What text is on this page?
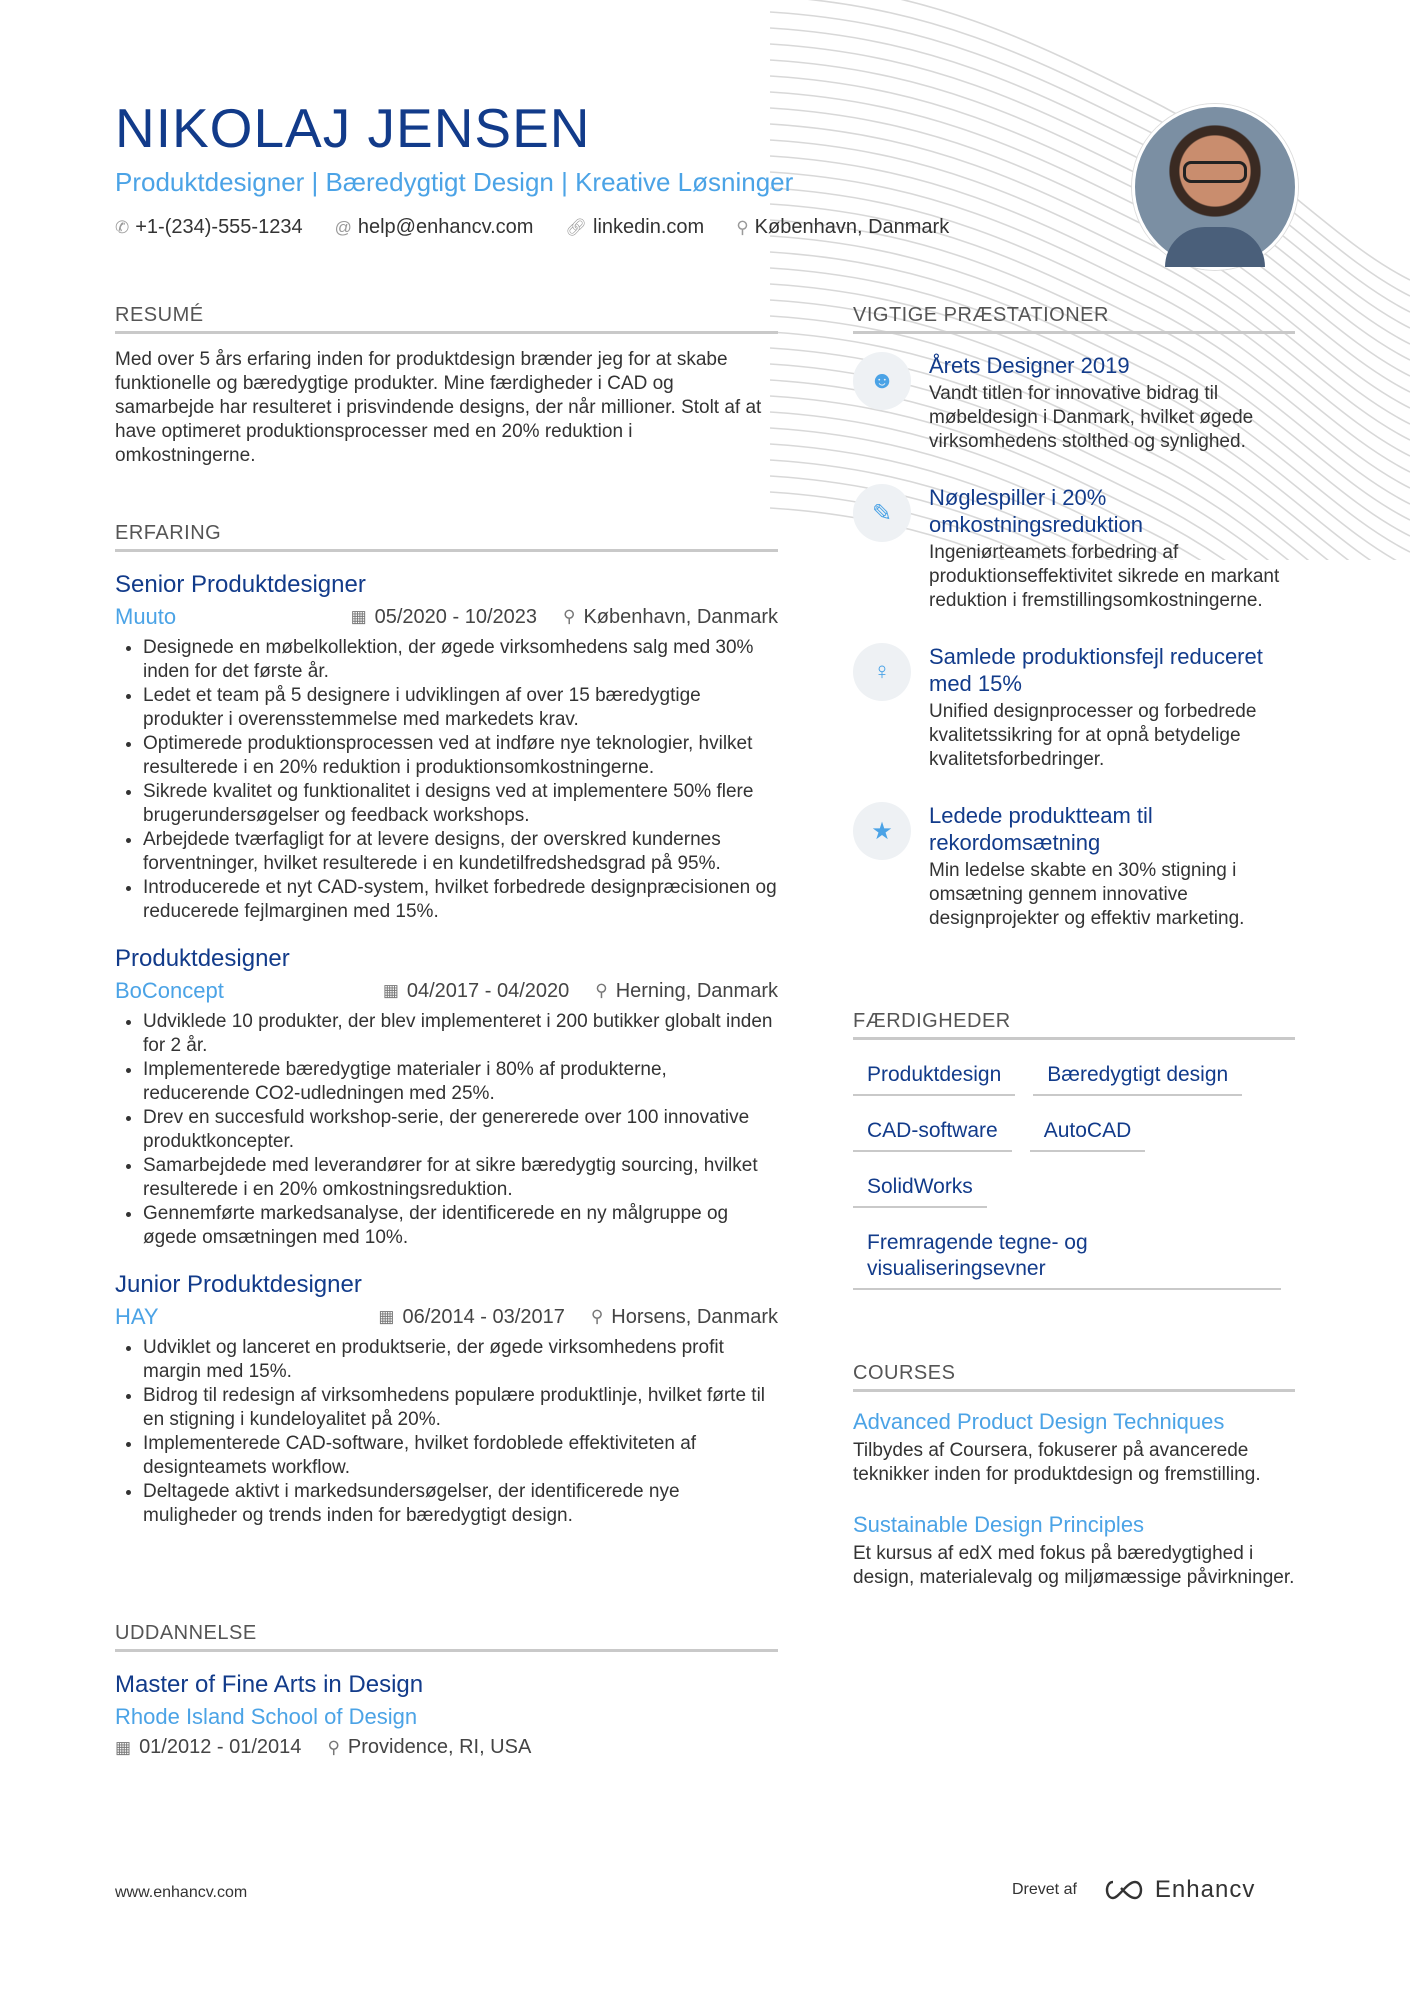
NIKOLAJ JENSEN
Produktdesigner | Bæredygtigt Design | Kreative Løsninger
✆ +1-(234)-555-1234 @ help@enhancv.com 🔗︎ linkedin.com ⚲ København, Danmark
RESUMÉ
Med over 5 års erfaring inden for produktdesign brænder jeg for at skabe funktionelle og bæredygtige produkter. Mine færdigheder i CAD og samarbejde har resulteret i prisvindende designs, der når millioner. Stolt af at have optimeret produktionsprocesser med en 20% reduktion i omkostningerne.
ERFARING
Senior Produktdesigner
Muuto	▦ 05/2020 - 10/2023 ⚲ København, Danmark
• Designede en møbelkollektion, der øgede virksomhedens salg med 30% inden for det første år.
• Ledet et team på 5 designere i udviklingen af over 15 bæredygtige produkter i overensstemmelse med markedets krav.
• Optimerede produktionsprocessen ved at indføre nye teknologier, hvilket resulterede i en 20% reduktion i produktionsomkostningerne.
• Sikrede kvalitet og funktionalitet i designs ved at implementere 50% flere brugerundersøgelser og feedback workshops.
• Arbejdede tværfagligt for at levere designs, der overskred kundernes forventninger, hvilket resulterede i en kundetilfredshedsgrad på 95%.
• Introducerede et nyt CAD-system, hvilket forbedrede designpræcisionen og reducerede fejlmarginen med 15%.
Produktdesigner
BoConcept	▦ 04/2017 - 04/2020 ⚲ Herning, Danmark
• Udviklede 10 produkter, der blev implementeret i 200 butikker globalt inden for 2 år.
• Implementerede bæredygtige materialer i 80% af produkterne, reducerende CO2-udledningen med 25%.
• Drev en succesfuld workshop-serie, der genererede over 100 innovative produktkoncepter.
• Samarbejdede med leverandører for at sikre bæredygtig sourcing, hvilket resulterede i en 20% omkostningsreduktion.
• Gennemførte markedsanalyse, der identificerede en ny målgruppe og øgede omsætningen med 10%.
Junior Produktdesigner
HAY	▦ 06/2014 - 03/2017 ⚲ Horsens, Danmark
• Udviklet og lanceret en produktserie, der øgede virksomhedens profit margin med 15%.
• Bidrog til redesign af virksomhedens populære produktlinje, hvilket førte til en stigning i kundeloyalitet på 20%.
• Implementerede CAD-software, hvilket fordoblede effektiviteten af designteamets workflow.
• Deltagede aktivt i markedsundersøgelser, der identificerede nye muligheder og trends inden for bæredygtigt design.
UDDANNELSE
Master of Fine Arts in Design
Rhode Island School of Design
▦ 01/2012 - 01/2014 ⚲ Providence, RI, USA
VIGTIGE PRÆSTATIONER
☻
Årets Designer 2019
Vandt titlen for innovative bidrag til møbeldesign i Danmark, hvilket øgede virksomhedens stolthed og synlighed.
✎
Nøglespiller i 20% omkostningsreduktion
Ingeniørteamets forbedring af produktionseffektivitet sikrede en markant reduktion i fremstillingsomkostningerne.
♀
Samlede produktionsfejl reduceret med 15%
Unified designprocesser og forbedrede kvalitetssikring for at opnå betydelige kvalitetsforbedringer.
★
Ledede produktteam til rekordomsætning
Min ledelse skabte en 30% stigning i omsætning gennem innovative designprojekter og effektiv marketing.
FÆRDIGHEDER
Produktdesign	Bæredygtigt design
CAD-software	AutoCAD
SolidWorks
Fremragende tegne- og visualiseringsevner
COURSES
Advanced Product Design Techniques
Tilbydes af Coursera, fokuserer på avancerede teknikker inden for produktdesign og fremstilling.
Sustainable Design Principles
Et kursus af edX med fokus på bæredygtighed i design, materialevalg og miljømæssige påvirkninger.
www.enhancv.com	Drevet af	Enhancv
